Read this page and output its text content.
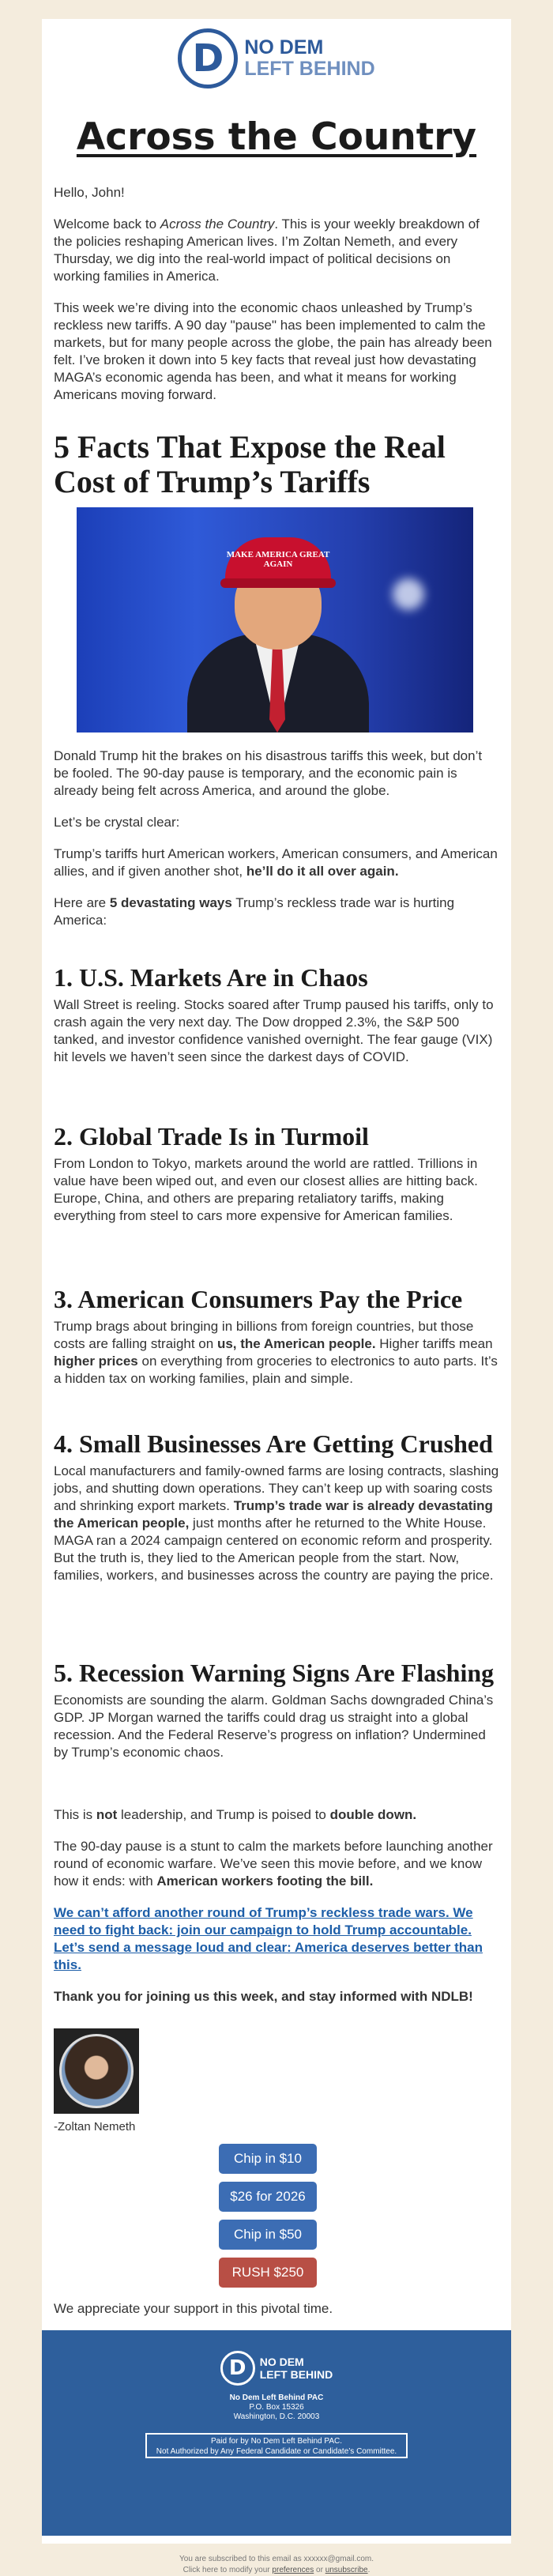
D NO DEM
LEFT BEHIND
Across the Country

Hello, John!

Welcome back to Across the Country. This is your weekly breakdown of the policies reshaping American lives. I’m Zoltan Nemeth, and every Thursday, we dig into the real-world impact of political decisions on working families in America.

This week we’re diving into the economic chaos unleashed by Trump’s reckless new tariffs. A 90 day "pause" has been implemented to calm the markets, but for many people across the globe, the pain has already been felt. I’ve broken it down into 5 key facts that reveal just how devastating MAGA’s economic agenda has been, and what it means for working Americans moving forward.

5 Facts That Expose the Real Cost of Trump’s Tariffs
MAKE AMERICA GREAT AGAIN

Donald Trump hit the brakes on his disastrous tariffs this week, but don’t be fooled. The 90-day pause is temporary, and the economic pain is already being felt across America, and around the globe.

Let’s be crystal clear:

Trump’s tariffs hurt American workers, American consumers, and American allies, and if given another shot, he’ll do it all over again.

Here are 5 devastating ways Trump’s reckless trade war is hurting America:

1. U.S. Markets Are in Chaos

Wall Street is reeling. Stocks soared after Trump paused his tariffs, only to crash again the very next day. The Dow dropped 2.3%, the S&P 500 tanked, and investor confidence vanished overnight. The fear gauge (VIX) hit levels we haven’t seen since the darkest days of COVID.

2. Global Trade Is in Turmoil

From London to Tokyo, markets around the world are rattled. Trillions in value have been wiped out, and even our closest allies are hitting back. Europe, China, and others are preparing retaliatory tariffs, making everything from steel to cars more expensive for American families.

3. American Consumers Pay the Price

Trump brags about bringing in billions from foreign countries, but those costs are falling straight on us, the American people. Higher tariffs mean higher prices on everything from groceries to electronics to auto parts. It’s a hidden tax on working families, plain and simple.

4. Small Businesses Are Getting Crushed

Local manufacturers and family-owned farms are losing contracts, slashing jobs, and shutting down operations. They can’t keep up with soaring costs and shrinking export markets. Trump’s trade war is already devastating the American people, just months after he returned to the White House. MAGA ran a 2024 campaign centered on economic reform and prosperity. But the truth is, they lied to the American people from the start. Now, families, workers, and businesses across the country are paying the price.

5. Recession Warning Signs Are Flashing

Economists are sounding the alarm. Goldman Sachs downgraded China’s GDP. JP Morgan warned the tariffs could drag us straight into a global recession. And the Federal Reserve’s progress on inflation? Undermined by Trump’s economic chaos.

This is not leadership, and Trump is poised to double down.

The 90-day pause is a stunt to calm the markets before launching another round of economic warfare. We’ve seen this movie before, and we know how it ends: with American workers footing the bill.

We can’t afford another round of Trump’s reckless trade wars. We need to fight back: join our campaign to hold Trump accountable. Let’s send a message loud and clear: America deserves better than this.

Thank you for joining us this week, and stay informed with NDLB!

-Zoltan Nemeth

Chip in $10
$26 for 2026
Chip in $50
RUSH $250

We appreciate your support in this pivotal time.

D NO DEM
LEFT BEHIND
No Dem Left Behind PAC
P.O. Box 15326
Washington, D.C. 20003
Paid for by No Dem Left Behind PAC.
Not Authorized by Any Federal Candidate or Candidate’s Committee.
You are subscribed to this email as xxxxxx@gmail.com.
Click here to modify your preferences or unsubscribe.
